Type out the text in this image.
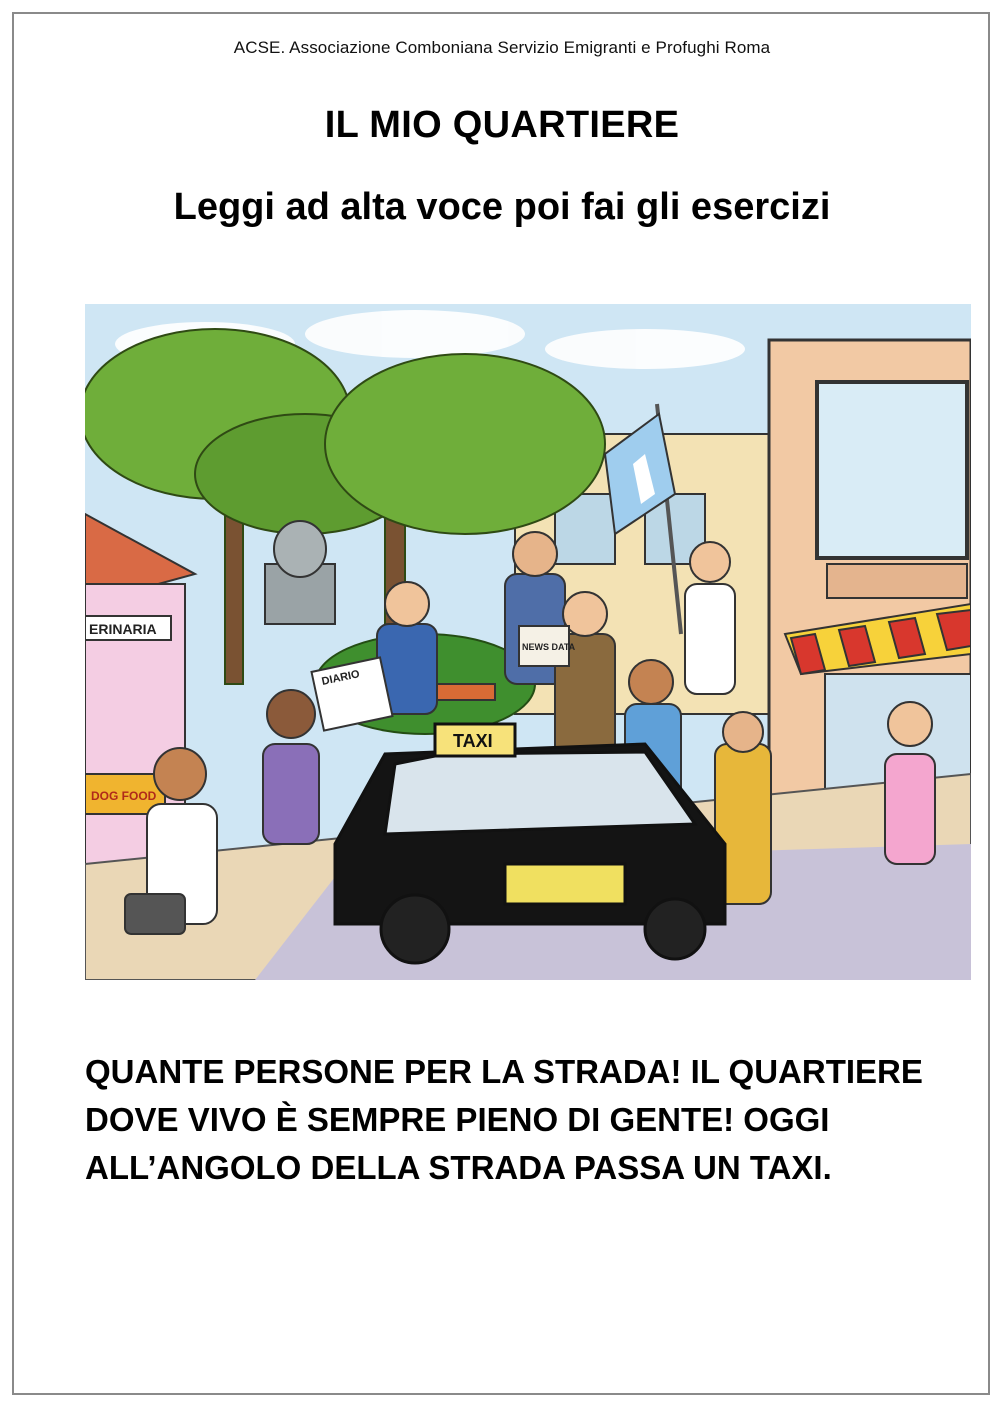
ACSE. Associazione Comboniana Servizio Emigranti e Profughi Roma
IL MIO QUARTIERE
Leggi ad alta voce poi fai gli esercizi
ERINARIA
DOG FOOD
DIARIO
NEWS DATA
TAXI
QUANTE PERSONE PER LA STRADA! IL QUARTIERE
DOVE VIVO È SEMPRE PIENO DI GENTE! OGGI
ALL’ANGOLO DELLA STRADA PASSA UN TAXI.
